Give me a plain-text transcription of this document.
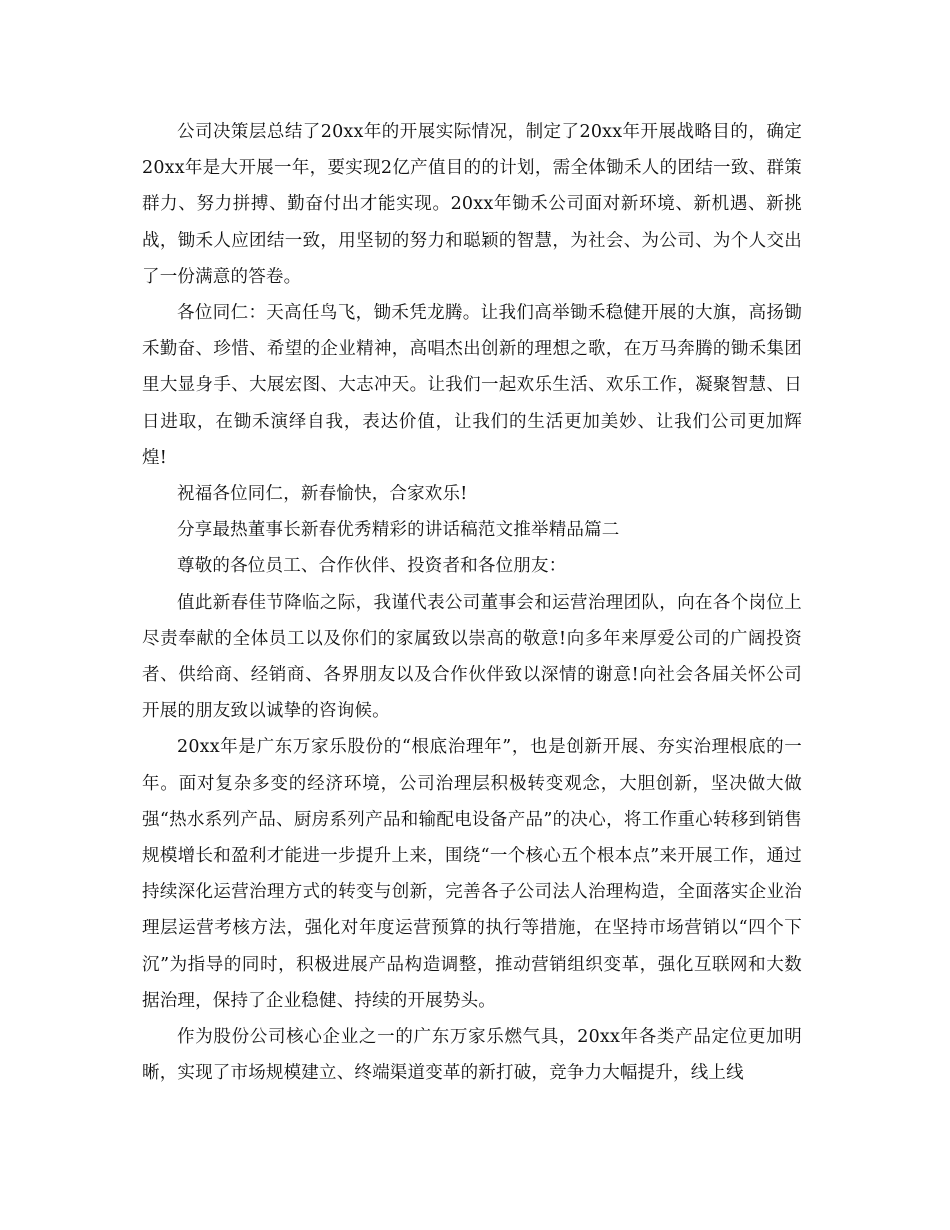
公司决策层总结了20xx年的开展实际情况，制定了20xx年开展战略目的，确定20xx年是大开展一年，要实现2亿产值目的的计划，需全体锄禾人的团结一致、群策群力、努力拼搏、勤奋付出才能实现。20xx年锄禾公司面对新环境、新机遇、新挑战，锄禾人应团结一致，用坚韧的努力和聪颖的智慧，为社会、为公司、为个人交出了一份满意的答卷。

各位同仁：天高任鸟飞，锄禾凭龙腾。让我们高举锄禾稳健开展的大旗，高扬锄禾勤奋、珍惜、希望的企业精神，高唱杰出创新的理想之歌，在万马奔腾的锄禾集团里大显身手、大展宏图、大志冲天。让我们一起欢乐生活、欢乐工作，凝聚智慧、日日进取，在锄禾演绎自我，表达价值，让我们的生活更加美妙、让我们公司更加辉煌!

祝福各位同仁，新春愉快，合家欢乐!

分享最热董事长新春优秀精彩的讲话稿范文推举精品篇二

尊敬的各位员工、合作伙伴、投资者和各位朋友：

值此新春佳节降临之际，我谨代表公司董事会和运营治理团队，向在各个岗位上尽责奉献的全体员工以及你们的家属致以崇高的敬意!向多年来厚爱公司的广阔投资者、供给商、经销商、各界朋友以及合作伙伴致以深情的谢意!向社会各届关怀公司开展的朋友致以诚挚的咨询候。

20xx年是广东万家乐股份的“根底治理年”，也是创新开展、夯实治理根底的一年。面对复杂多变的经济环境，公司治理层积极转变观念，大胆创新，坚决做大做强“热水系列产品、厨房系列产品和输配电设备产品”的决心，将工作重心转移到销售规模增长和盈利才能进一步提升上来，围绕“一个核心五个根本点”来开展工作，通过持续深化运营治理方式的转变与创新，完善各子公司法人治理构造，全面落实企业治理层运营考核方法，强化对年度运营预算的执行等措施，在坚持市场营销以“四个下沉”为指导的同时，积极进展产品构造调整，推动营销组织变革，强化互联网和大数据治理，保持了企业稳健、持续的开展势头。

作为股份公司核心企业之一的广东万家乐燃气具，20xx年各类产品定位更加明晰，实现了市场规模建立、终端渠道变革的新打破，竞争力大幅提升，线上线
